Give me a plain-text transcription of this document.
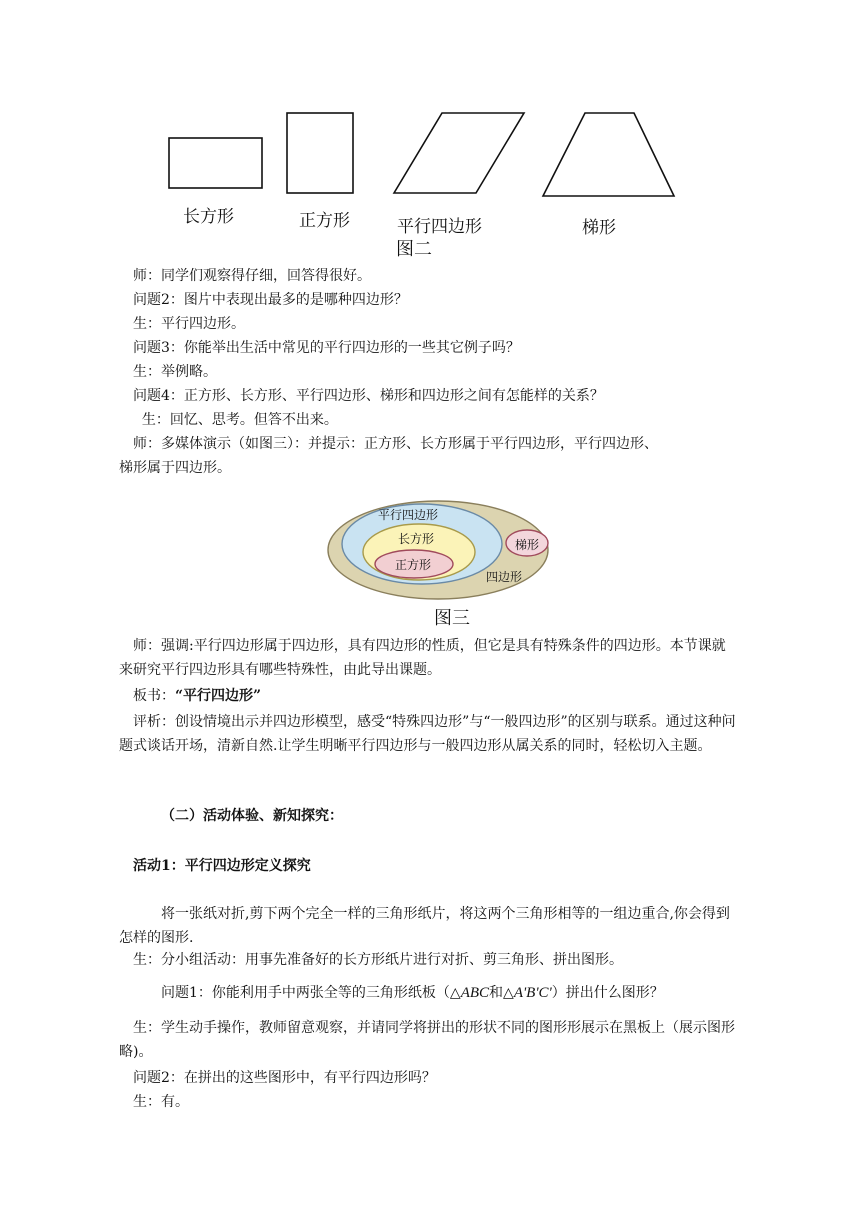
长方形	正方形	平行四边形	梯形
图二
师：同学们观察得仔细，回答得很好。
问题2：图片中表现出最多的是哪种四边形？
生：平行四边形。
问题3：你能举出生活中常见的平行四边形的一些其它例子吗？
生：举例略。
问题4：正方形、长方形、平行四边形、梯形和四边形之间有怎能样的关系？
生：回忆、思考。但答不出来。
师：多媒体演示（如图三）：并提示：正方形、长方形属于平行四边形，平行四边形、
梯形属于四边形。
平行四边形
长方形
正方形
梯形
四边形
图三
师：强调:平行四边形属于四边形，具有四边形的性质，但它是具有特殊条件的四边形。本节课就来研究平行四边形具有哪些特殊性，由此导出课题。
板书：“平行四边形”
评析：创设情境出示并四边形模型，感受“特殊四边形”与“一般四边形”的区别与联系。通过这种问题式谈话开场，清新自然.让学生明晰平行四边形与一般四边形从属关系的同时，轻松切入主题。
（二）活动体验、新知探究：
活动1：平行四边形定义探究
将一张纸对折,剪下两个完全一样的三角形纸片，将这两个三角形相等的一组边重合,你会得到怎样的图形.
生：分小组活动：用事先准备好的长方形纸片进行对折、剪三角形、拼出图形。
问题1：你能利用手中两张全等的三角形纸板（△ABC和△A'B'C'）拼出什么图形？
生：学生动手操作，教师留意观察，并请同学将拼出的形状不同的图形形展示在黑板上（展示图形略)。
问题2：在拼出的这些图形中，有平行四边形吗？
生：有。
